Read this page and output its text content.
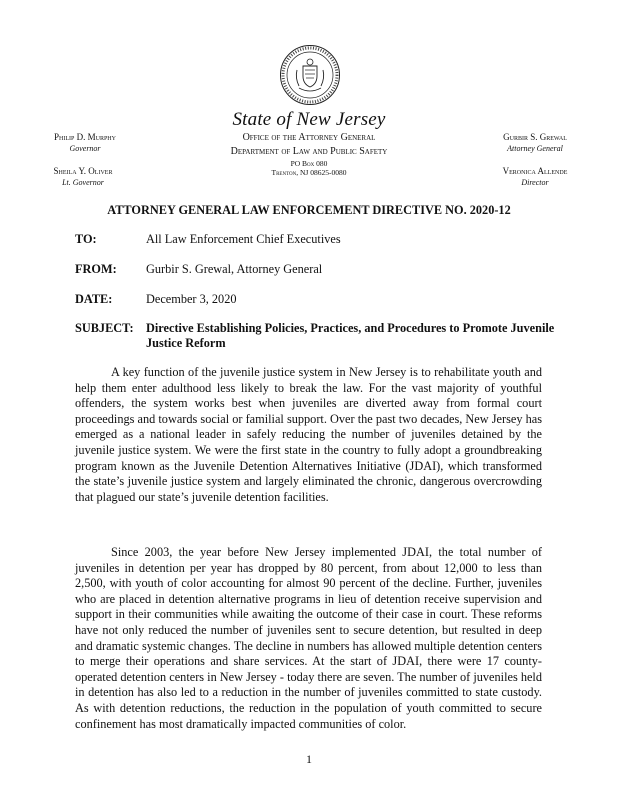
State of New Jersey
Office of the Attorney General
Department of Law and Public Safety
PO Box 080
Trenton, NJ 08625-0080
Philip D. Murphy
Governor
Sheila Y. Oliver
Lt. Governor
Gurbir S. Grewal
Attorney General
Veronica Allende
Director
ATTORNEY GENERAL LAW ENFORCEMENT DIRECTIVE NO. 2020-12
TO:	All Law Enforcement Chief Executives
FROM: Gurbir S. Grewal, Attorney General
DATE:	December 3, 2020
SUBJECT: Directive Establishing Policies, Practices, and Procedures to Promote Juvenile Justice Reform

A key function of the juvenile justice system in New Jersey is to rehabilitate youth and help them enter adulthood less likely to break the law. For the vast majority of youthful offenders, the system works best when juveniles are diverted away from formal court proceedings and towards social or familial support. Over the past two decades, New Jersey has emerged as a national leader in safely reducing the number of juveniles detained by the juvenile justice system. We were the first state in the country to fully adopt a groundbreaking program known as the Juvenile Detention Alternatives Initiative (JDAI), which transformed the state’s juvenile justice system and largely eliminated the chronic, dangerous overcrowding that plagued our state’s juvenile detention facilities.

Since 2003, the year before New Jersey implemented JDAI, the total number of juveniles in detention per year has dropped by 80 percent, from about 12,000 to less than 2,500, with youth of color accounting for almost 90 percent of the decline. Further, juveniles who are placed in detention alternative programs in lieu of detention receive supervision and support in their communities while awaiting the outcome of their case in court. These reforms have not only reduced the number of juveniles sent to secure detention, but resulted in deep and dramatic systemic changes. The decline in numbers has allowed multiple detention centers to merge their operations and share services. At the start of JDAI, there were 17 county-operated detention centers in New Jersey - today there are seven. The number of juveniles held in detention has also led to a reduction in the number of juveniles committed to state custody. As with detention reductions, the reduction in the population of youth committed to secure confinement has most dramatically impacted communities of color.

1
